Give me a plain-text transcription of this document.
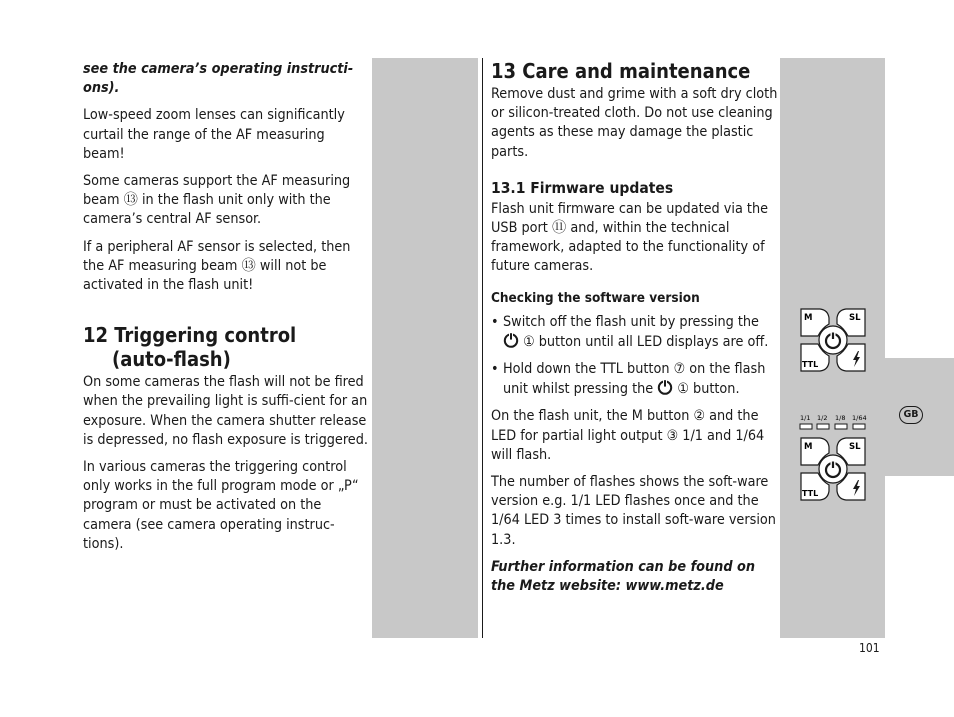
see the camera’s operating instructi-ons).

Low-speed zoom lenses can significantly curtail the range of the AF measuring beam!

Some cameras support the AF measuring beam ⑬ in the flash unit only with the camera’s central AF sensor.

If a peripheral AF sensor is selected, then the AF measuring beam ⑬ will not be activated in the flash unit!

12 Triggering control

(auto-flash)

On some cameras the flash will not be fired when the prevailing light is suffi-cient for an exposure. When the camera shutter release is depressed, no flash exposure is triggered.

In various cameras the triggering control only works in the full program mode or „P“ program or must be activated on the camera (see camera operating instruc-tions).

13 Care and maintenance

Remove dust and grime with a soft dry cloth or silicon-treated cloth. Do not use cleaning agents as these may damage the plastic parts.

13.1 Firmware updates

Flash unit firmware can be updated via the USB port ⑪ and, within the technical framework, adapted to the functionality of future cameras.

Checking the software version

• Switch off the flash unit by pressing the  ① button until all LED displays are off.

• Hold down the TTL button ⑦ on the flash unit whilst pressing the  ① button.

On the flash unit, the M button ② and the LED for partial light output ③ 1/1 and 1/64 will flash.

The number of flashes shows the soft-ware version e.g. 1/1 LED flashes once and the 1/64 LED 3 times to install soft-ware version 1.3.

Further information can be found on the Metz website: www.metz.de

M	SL
TTL
1/1 1/2 1/8 1/64
M	SL
TTL
GB
101
